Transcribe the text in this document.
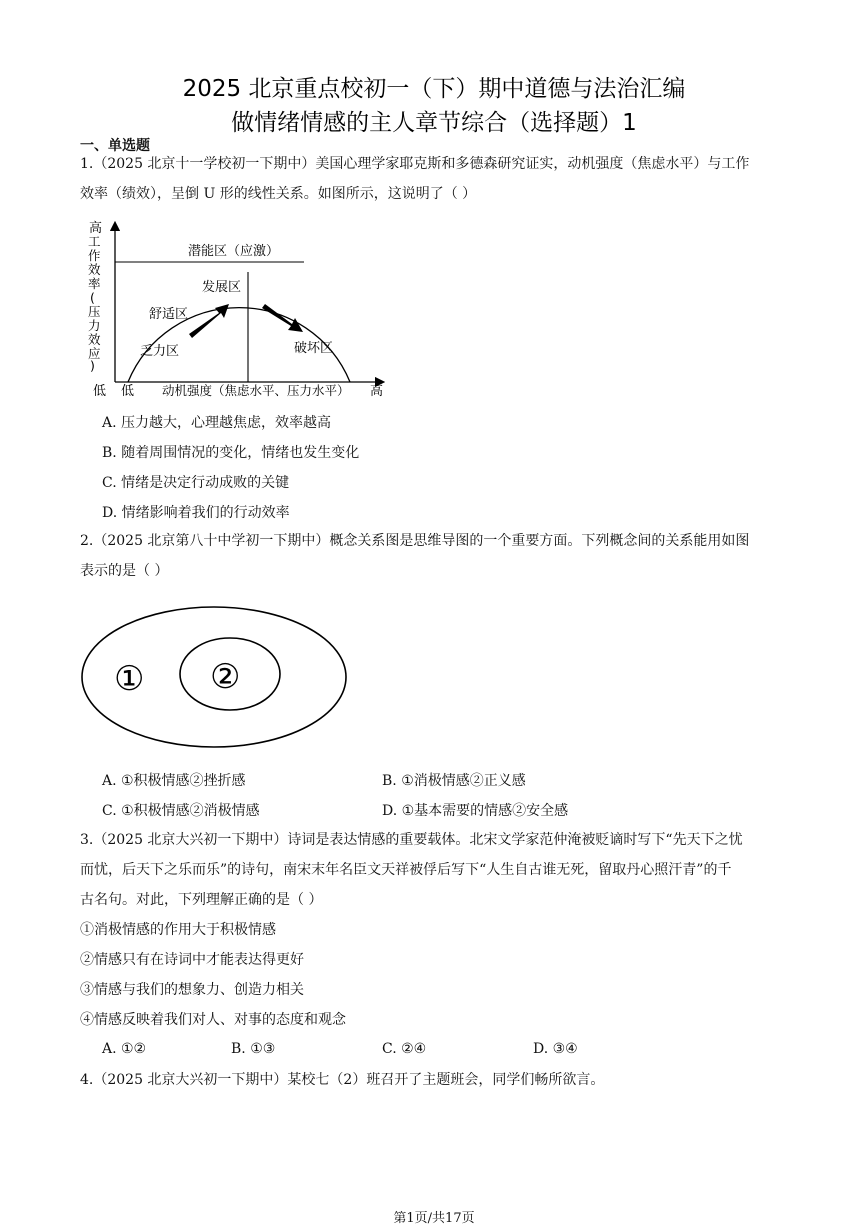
2025 北京重点校初一（下）期中道德与法治汇编
做情绪情感的主人章节综合（选择题）1
一、单选题
1.（2025 北京十一学校初一下期中）美国心理学家耶克斯和多德森研究证实，动机强度（焦虑水平）与工作
效率（绩效），呈倒 U 形的线性关系。如图所示，这说明了（ ）
高
工作效率(压力效应)
低 低 动机强度（焦虑水平、压力水平） 高
潜能区（应激）
发展区
舒适区
乏力区	破坏区
A. 压力越大，心理越焦虑，效率越高
B. 随着周围情况的变化，情绪也发生变化
C. 情绪是决定行动成败的关键
D. 情绪影响着我们的行动效率
2.（2025 北京第八十中学初一下期中）概念关系图是思维导图的一个重要方面。下列概念间的关系能用如图
表示的是（ ）
① ②
A. ①积极情感②挫折感	B. ①消极情感②正义感
C. ①积极情感②消极情感	D. ①基本需要的情感②安全感
3.（2025 北京大兴初一下期中）诗词是表达情感的重要载体。北宋文学家范仲淹被贬谪时写下“先天下之忧
而忧，后天下之乐而乐”的诗句，南宋末年名臣文天祥被俘后写下“人生自古谁无死，留取丹心照汗青”的千
古名句。对此，下列理解正确的是（ ）
①消极情感的作用大于积极情感
②情感只有在诗词中才能表达得更好
③情感与我们的想象力、创造力相关
④情感反映着我们对人、对事的态度和观念
A. ①②	B. ①③	C. ②④	D. ③④
4.（2025 北京大兴初一下期中）某校七（2）班召开了主题班会，同学们畅所欲言。
第1页/共17页
